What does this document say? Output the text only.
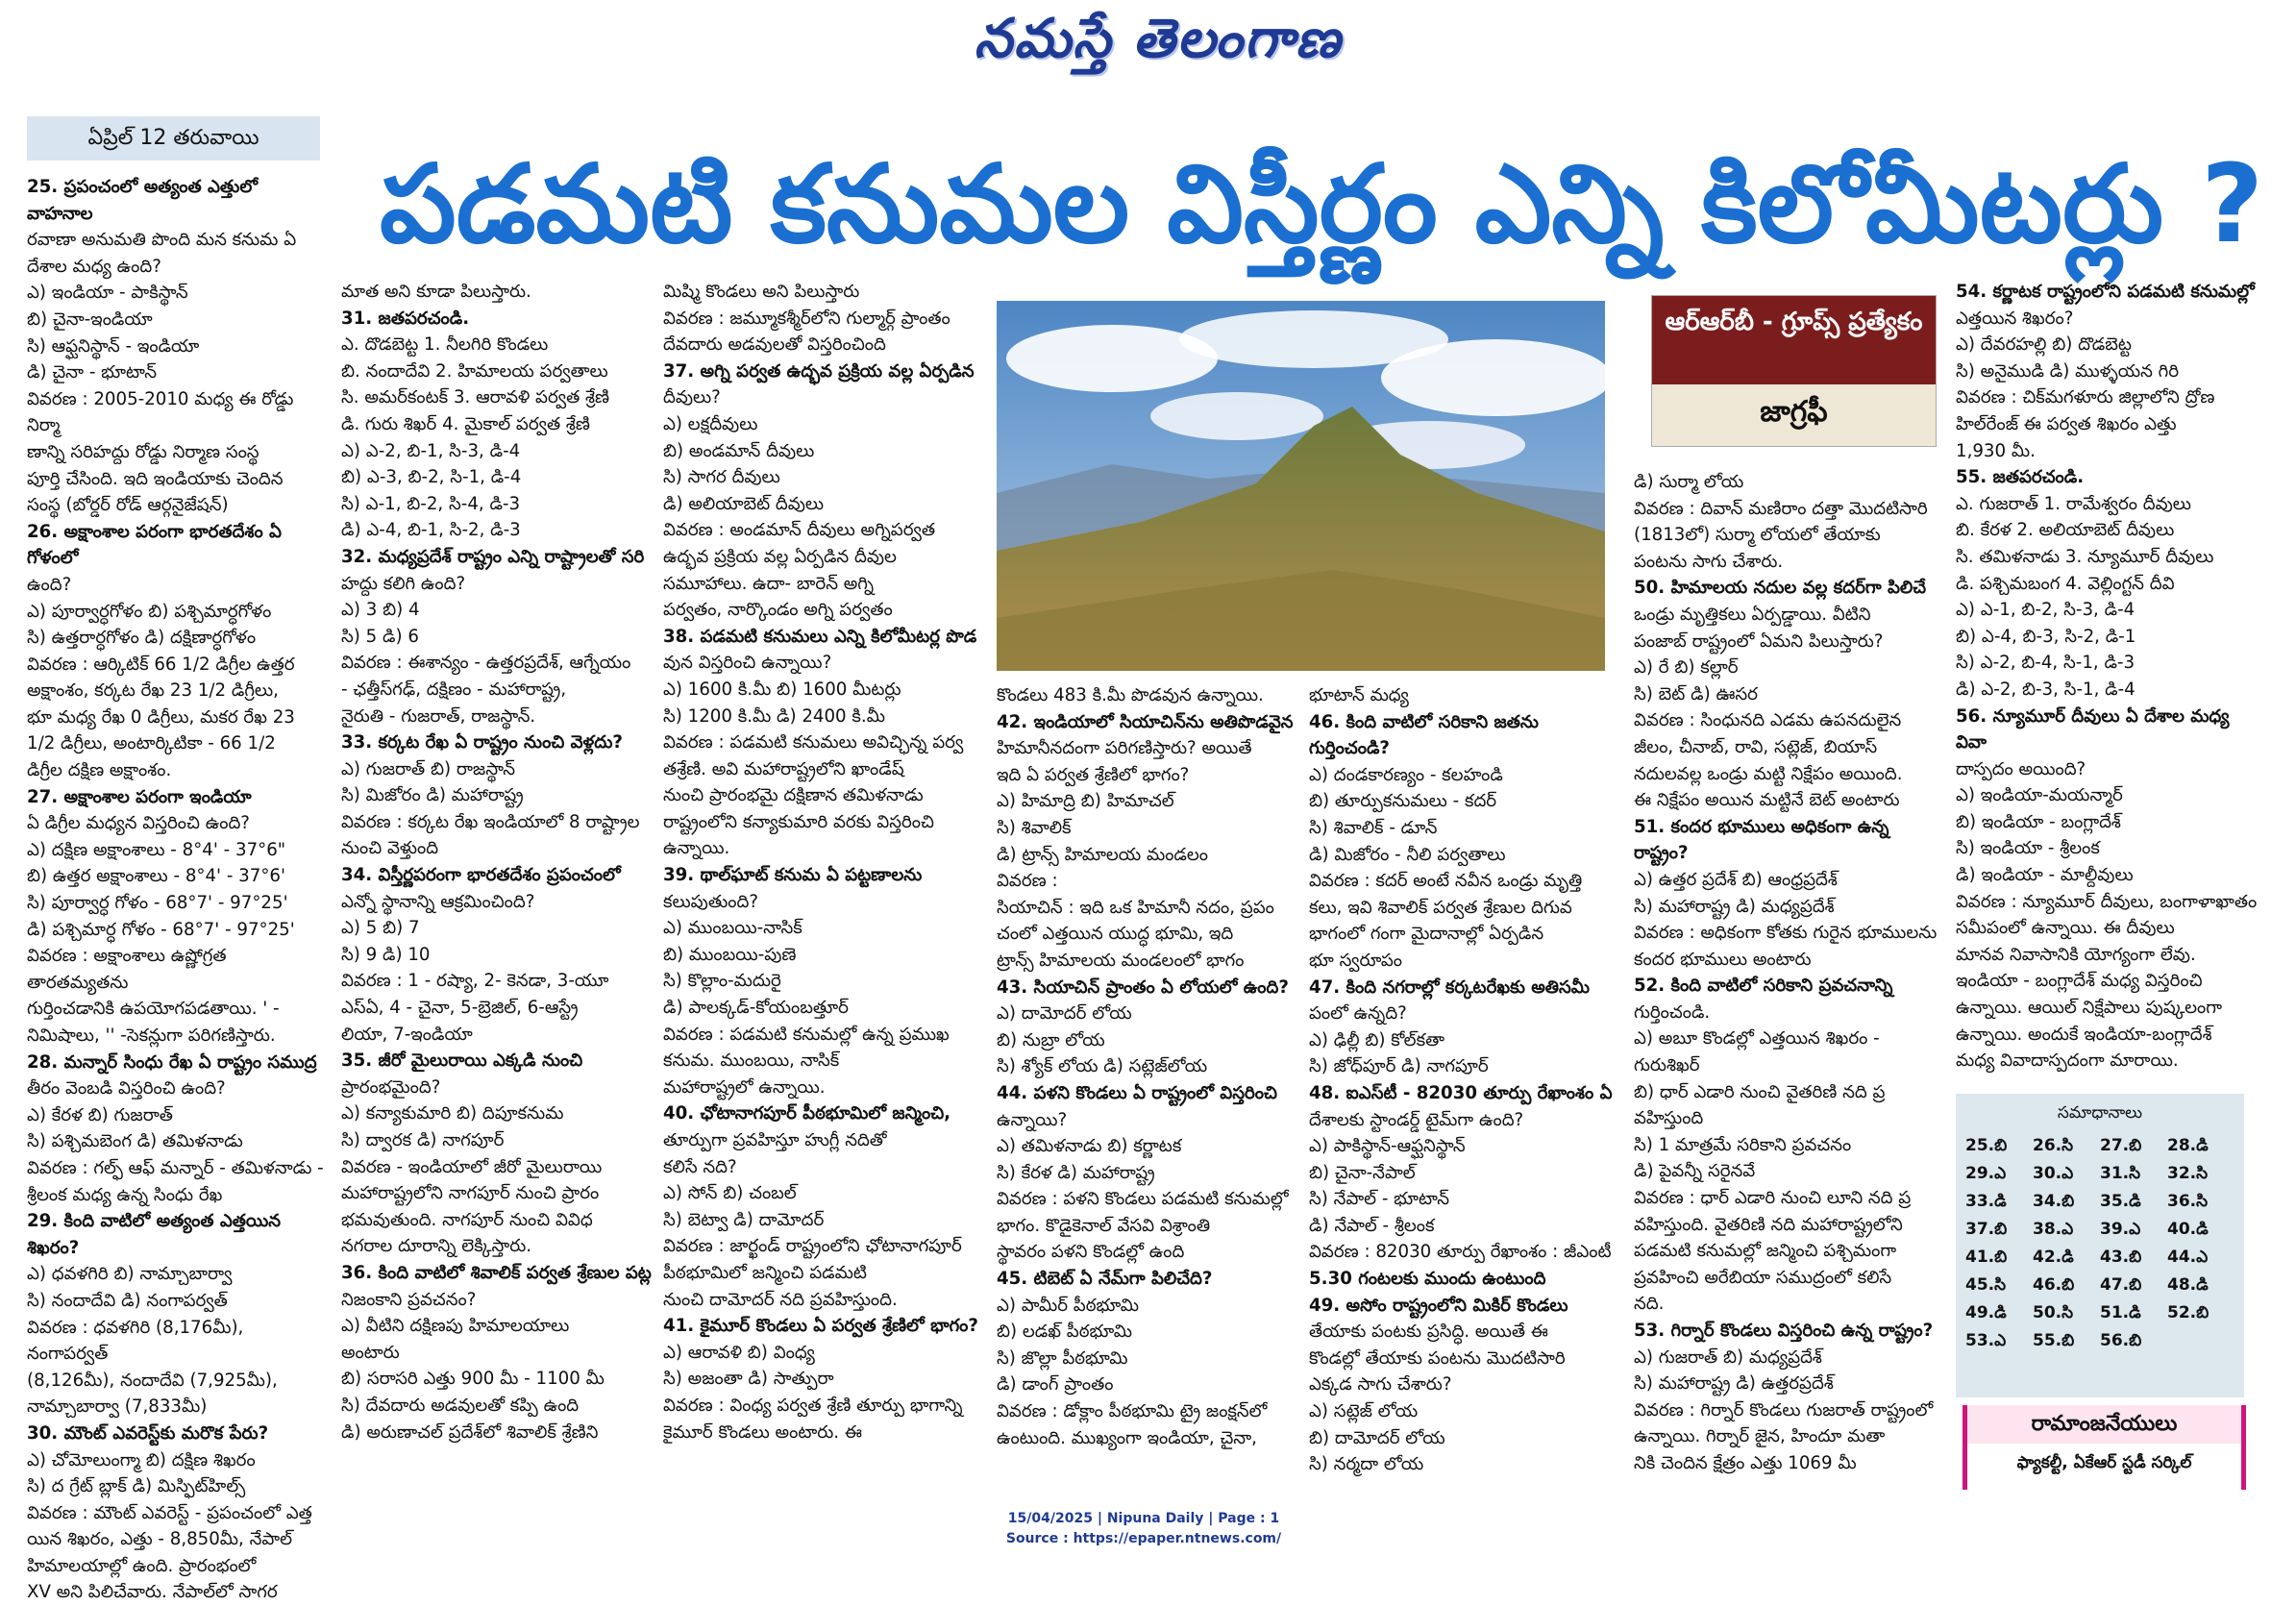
నమస్తే తెలంగాణ
ఏప్రిల్ 12 తరువాయి
పడమటి కనుమల విస్తీర్ణం ఎన్ని కిలోమీటర్లు ?

25. ప్రపంచంలో అత్యంత ఎత్తులో వాహనాల

రవాణా అనుమతి పొంది మన కనుమ ఏ

దేశాల మధ్య ఉంది?

ఎ) ఇండియా - పాకిస్థాన్

బి) చైనా-ఇండియా

సి) ఆఫ్ఘనిస్థాన్ - ఇండియా

డి) చైనా - భూటాన్

వివరణ : 2005-2010 మధ్య ఈ రోడ్డు నిర్మా

ణాన్ని సరిహద్దు రోడ్డు నిర్మాణ సంస్థ

పూర్తి చేసింది. ఇది ఇండియాకు చెందిన

సంస్థ (బోర్డర్ రోడ్ ఆర్గనైజేషన్)

26. అక్షాంశాల పరంగా భారతదేశం ఏ గోళంలో

ఉంది?

ఎ) పూర్వార్ధగోళం బి) పశ్చిమార్ధగోళం

సి) ఉత్తరార్ధగోళం డి) దక్షిణార్ధగోళం

వివరణ : ఆర్కిటిక్ 66 1/2 డిగ్రీల ఉత్తర

అక్షాంశం, కర్కట రేఖ 23 1/2 డిగ్రీలు,

భూ మధ్య రేఖ 0 డిగ్రీలు, మకర రేఖ 23

1/2 డిగ్రీలు, అంటార్కిటికా - 66 1/2

డిగ్రీల దక్షిణ అక్షాంశం.

27. అక్షాంశాల పరంగా ఇండియా

ఏ డిగ్రీల మధ్యన విస్తరించి ఉంది?

ఎ) దక్షిణ అక్షాంశాలు - 8°4' - 37°6"

బి) ఉత్తర అక్షాంశాలు - 8°4' - 37°6'

సి) పూర్వార్ధ గోళం - 68°7' - 97°25'

డి) పశ్చిమార్ధ గోళం - 68°7' - 97°25'

వివరణ : అక్షాంశాలు ఉష్ణోగ్రత తారతమ్యతను

గుర్తించడానికి ఉపయోగపడతాయి. ' -

నిమిషాలు, '' -సెకన్లుగా పరిగణిస్తారు.

28. మన్నార్ సింధు రేఖ ఏ రాష్ట్రం సముద్ర

తీరం వెంబడి విస్తరించి ఉంది?

ఎ) కేరళ బి) గుజరాత్

సి) పశ్చిమబెంగ డి) తమిళనాడు

వివరణ : గల్ఫ్ ఆఫ్ మన్నార్ - తమిళనాడు -

శ్రీలంక మధ్య ఉన్న సింధు రేఖ

29. కింది వాటిలో అత్యంత ఎత్తయిన శిఖరం?

ఎ) ధవళగిరి బి) నామ్చాబార్వా

సి) నందాదేవి డి) నంగాపర్వత్

వివరణ : ధవళగిరి (8,176మీ), నంగాపర్వత్

(8,126మీ), నందాదేవి (7,925మీ),

నామ్చాబార్వా (7,833మీ)

30. మౌంట్ ఎవరెస్ట్‌కు మరొక పేరు?

ఎ) చోమోలుంగ్మా బి) దక్షిణ శిఖరం

సి) ద గ్రేట్ బ్లాక్ డి) మిస్ఫిట్‌హిల్స్

వివరణ : మౌంట్ ఎవరెస్ట్ - ప్రపంచంలో ఎత్త

యిన శిఖరం, ఎత్తు - 8,850మీ, నేపాల్

హిమాలయాల్లో ఉంది. ప్రారంభంలో

XV అని పిలిచేవారు. నేపాల్‌లో సాగర

మాత అని కూడా పిలుస్తారు.

31. జతపరచండి.

ఎ. దొడబెట్ట 1. నీలగిరి కొండలు

బి. నందాదేవి 2. హిమాలయ పర్వతాలు

సి. అమర్‌కంటక్ 3. ఆరావళి పర్వత శ్రేణి

డి. గురు శిఖర్ 4. మైకాల్ పర్వత శ్రేణి

ఎ) ఎ-2, బి-1, సి-3, డి-4

బి) ఎ-3, బి-2, సి-1, డి-4

సి) ఎ-1, బి-2, సి-4, డి-3

డి) ఎ-4, బి-1, సి-2, డి-3

32. మధ్యప్రదేశ్ రాష్ట్రం ఎన్ని రాష్ట్రాలతో సరి

హద్దు కలిగి ఉంది?

ఎ) 3 బి) 4

సి) 5 డి) 6

వివరణ : ఈశాన్యం - ఉత్తరప్రదేశ్, ఆగ్నేయం

- ఛత్తీస్‌గఢ్, దక్షిణం - మహారాష్ట్ర,

నైరుతి - గుజరాత్, రాజస్థాన్.

33. కర్కట రేఖ ఏ రాష్ట్రం నుంచి వెళ్లదు?

ఎ) గుజరాత్ బి) రాజస్థాన్

సి) మిజోరం డి) మహారాష్ట్ర

వివరణ : కర్కట రేఖ ఇండియాలో 8 రాష్ట్రాల

నుంచి వెళ్తుంది

34. విస్తీర్ణపరంగా భారతదేశం ప్రపంచంలో

ఎన్నో స్థానాన్ని ఆక్రమించింది?

ఎ) 5 బి) 7

సి) 9 డి) 10

వివరణ : 1 - రష్యా, 2- కెనడా, 3-యూ

ఎస్ఏ, 4 - చైనా, 5-బ్రెజిల్, 6-ఆస్ట్రే

లియా, 7-ఇండియా

35. జీరో మైలురాయి ఎక్కడి నుంచి

ప్రారంభమైంది?

ఎ) కన్యాకుమారి బి) దిపూకనుమ

సి) ద్వారక డి) నాగపూర్

వివరణ - ఇండియాలో జీరో మైలురాయి

మహారాష్ట్రలోని నాగపూర్ నుంచి ప్రారం

భమవుతుంది. నాగపూర్ నుంచి వివిధ

నగరాల దూరాన్ని లెక్కిస్తారు.

36. కింది వాటిలో శివాలిక్ పర్వత శ్రేణుల పట్ల

నిజంకాని ప్రవచనం?

ఎ) వీటిని దక్షిణపు హిమాలయాలు

అంటారు

బి) సరాసరి ఎత్తు 900 మీ - 1100 మీ

సి) దేవదారు అడవులతో కప్పి ఉంది

డి) అరుణాచల్ ప్రదేశ్‌లో శివాలిక్ శ్రేణిని

మిష్మి కొండలు అని పిలుస్తారు

వివరణ : జమ్మూకశ్మీర్‌లోని గుల్మార్గ్ ప్రాంతం

దేవదారు అడవులతో విస్తరించింది

37. అగ్ని పర్వత ఉద్భవ ప్రక్రియ వల్ల ఏర్పడిన

దీవులు?

ఎ) లక్షదీవులు

బి) అండమాన్ దీవులు

సి) సాగర దీవులు

డి) అలియాబెట్ దీవులు

వివరణ : అండమాన్ దీవులు అగ్నిపర్వత

ఉద్భవ ప్రక్రియ వల్ల ఏర్పడిన దీవుల

సమూహాలు. ఉదా- బారెన్ అగ్ని

పర్వతం, నార్కొండం అగ్ని పర్వతం

38. పడమటి కనుమలు ఎన్ని కిలోమీటర్ల పొడ

వున విస్తరించి ఉన్నాయి?

ఎ) 1600 కి.మీ బి) 1600 మీటర్లు

సి) 1200 కి.మీ డి) 2400 కి.మీ

వివరణ : పడమటి కనుమలు అవిచ్ఛిన్న పర్వ

తశ్రేణి. అవి మహారాష్ట్రలోని ఖాండేష్

నుంచి ప్రారంభమై దక్షిణాన తమిళనాడు

రాష్ట్రంలోని కన్యాకుమారి వరకు విస్తరించి

ఉన్నాయి.

39. థాల్‌ఘాట్ కనుమ ఏ పట్టణాలను

కలుపుతుంది?

ఎ) ముంబయి-నాసిక్

బి) ముంబయి-పుణె

సి) కొల్లాం-మదురై

డి) పాలక్కడ్-కోయంబత్తూర్

వివరణ : పడమటి కనుమల్లో ఉన్న ప్రముఖ

కనుమ. ముంబయి, నాసిక్

మహారాష్ట్రలో ఉన్నాయి.

40. ఛోటానాగపూర్ పీఠభూమిలో జన్మించి,

తూర్పుగా ప్రవహిస్తూ హుగ్లీ నదితో

కలిసే నది?

ఎ) సోన్ బి) చంబల్

సి) బెట్వా డి) దామోదర్

వివరణ : జార్ఖండ్ రాష్ట్రంలోని ఛోటానాగపూర్

పీఠభూమిలో జన్మించి పడమటి

నుంచి దామోదర్ నది ప్రవహిస్తుంది.

41. కైమూర్ కొండలు ఏ పర్వత శ్రేణిలో భాగం?

ఎ) ఆరావళి బి) వింధ్య

సి) అజంతా డి) సాత్పురా

వివరణ : వింధ్య పర్వత శ్రేణి తూర్పు భాగాన్ని

కైమూర్ కొండలు అంటారు. ఈ

కొండలు 483 కి.మీ పొడవున ఉన్నాయి.

42. ఇండియాలో సియాచిన్‌ను అతిపొడవైన

హిమానీనదంగా పరిగణిస్తారు? అయితే

ఇది ఏ పర్వత శ్రేణిలో భాగం?

ఎ) హిమాద్రి బి) హిమాచల్

సి) శివాలిక్

డి) ట్రాన్స్ హిమాలయ మండలం

వివరణ :

సియాచిన్ : ఇది ఒక హిమానీ నదం, ప్రపం

చంలో ఎత్తయిన యుద్ధ భూమి, ఇది

ట్రాన్స్ హిమాలయ మండలంలో భాగం

43. సియాచిన్ ప్రాంతం ఏ లోయలో ఉంది?

ఎ) దామోదర్ లోయ

బి) నుబ్రా లోయ

సి) శ్యోక్ లోయ డి) సట్లెజ్‌లోయ

44. పళని కొండలు ఏ రాష్ట్రంలో విస్తరించి

ఉన్నాయి?

ఎ) తమిళనాడు బి) కర్ణాటక

సి) కేరళ డి) మహారాష్ట్ర

వివరణ : పళని కొండలు పడమటి కనుమల్లో

భాగం. కొడైకెనాల్ వేసవి విశ్రాంతి

స్థావరం పళని కొండల్లో ఉంది

45. టిబెట్ ఏ నేమ్‌గా పిలిచేది?

ఎ) పామీర్ పీఠభూమి

బి) లడఖ్ పీఠభూమి

సి) జొల్లా పీఠభూమి

డి) డాంగ్ ప్రాంతం

వివరణ : డోక్లాం పీఠభూమి ట్రై జంక్షన్‌లో

ఉంటుంది. ముఖ్యంగా ఇండియా, చైనా,

భూటాన్ మధ్య

46. కింది వాటిలో సరికాని జతను గుర్తించండి?

ఎ) దండకారణ్యం - కలహండి

బి) తూర్పుకనుమలు - కదర్

సి) శివాలిక్ - డూన్

డి) మిజోరం - నీలి పర్వతాలు

వివరణ : కదర్ అంటే నవీన ఒండ్రు మృత్తి

కలు, ఇవి శివాలిక్ పర్వత శ్రేణుల దిగువ

భాగంలో గంగా మైదానాల్లో ఏర్పడిన

భూ స్వరూపం

47. కింది నగరాల్లో కర్కటరేఖకు అతిసమీ

పంలో ఉన్నది?

ఎ) ఢిల్లీ బి) కోల్‌కతా

సి) జోధ్‌పూర్ డి) నాగపూర్

48. ఐఎస్‌టీ - 82030 తూర్పు రేఖాంశం ఏ

దేశాలకు స్టాండర్డ్ టైమ్‌గా ఉంది?

ఎ) పాకిస్థాన్-ఆఫ్ఘనిస్థాన్

బి) చైనా-నేపాల్

సి) నేపాల్ - భూటాన్

డి) నేపాల్ - శ్రీలంక

వివరణ : 82030 తూర్పు రేఖాంశం : జీఎంటీ

5.30 గంటలకు ముందు ఉంటుంది

49. అసోం రాష్ట్రంలోని మికిర్ కొండలు

తేయాకు పంటకు ప్రసిద్ధి. అయితే ఈ

కొండల్లో తేయాకు పంటను మొదటిసారి

ఎక్కడ సాగు చేశారు?

ఎ) సట్లెజ్ లోయ

బి) దామోదర్ లోయ

సి) నర్మదా లోయ

డి) సుర్మా లోయ

వివరణ : దివాన్ మణిరాం దత్తా మొదటిసారి

(1813లో) సుర్మా లోయలో తేయాకు

పంటను సాగు చేశారు.

50. హిమాలయ నదుల వల్ల కదర్‌గా పిలిచే

ఒండ్రు మృత్తికలు ఏర్పడ్డాయి. వీటిని

పంజాబ్ రాష్ట్రంలో ఏమని పిలుస్తారు?

ఎ) రే బి) కల్లార్

సి) బెట్ డి) ఊసర

వివరణ : సింధునది ఎడమ ఉపనదులైన

జీలం, చీనాబ్, రావి, సట్లెజ్, బియాస్

నదులవల్ల ఒండ్రు మట్టి నిక్షేపం అయింది.

ఈ నిక్షేపం అయిన మట్టినే బెట్ అంటారు

51. కందర భూములు అధికంగా ఉన్న రాష్ట్రం?

ఎ) ఉత్తర ప్రదేశ్ బి) ఆంధ్రప్రదేశ్

సి) మహారాష్ట్ర డి) మధ్యప్రదేశ్

వివరణ : అధికంగా కోతకు గురైన భూములను

కందర భూములు అంటారు

52. కింది వాటిలో సరికాని ప్రవచనాన్ని

గుర్తించండి.

ఎ) అబూ కొండల్లో ఎత్తయిన శిఖరం -

గురుశిఖర్

బి) ధార్ ఎడారి నుంచి వైతరిణి నది ప్ర

వహిస్తుంది

సి) 1 మాత్రమే సరికాని ప్రవచనం

డి) పైవన్నీ సరైనవే

వివరణ : ధార్ ఎడారి నుంచి లూని నది ప్ర

వహిస్తుంది. వైతరిణి నది మహారాష్ట్రలోని

పడమటి కనుమల్లో జన్మించి పశ్చిమంగా

ప్రవహించి అరేబియా సముద్రంలో కలిసే

నది.

53. గిర్నార్ కొండలు విస్తరించి ఉన్న రాష్ట్రం?

ఎ) గుజరాత్ బి) మధ్యప్రదేశ్

సి) మహారాష్ట్ర డి) ఉత్తరప్రదేశ్

వివరణ : గిర్నార్ కొండలు గుజరాత్ రాష్ట్రంలో

ఉన్నాయి. గిర్నార్ జైన, హిందూ మతా

నికి చెందిన క్షేత్రం ఎత్తు 1069 మీ

54. కర్ణాటక రాష్ట్రంలోని పడమటి కనుమల్లో

ఎత్తయిన శిఖరం?

ఎ) దేవరహల్లి బి) దొడబెట్ట

సి) అనైముడి డి) ముళ్ళయన గిరి

వివరణ : చిక్‌మగళూరు జిల్లాలోని ద్రోణ

హిల్‌రేంజ్ ఈ పర్వత శిఖరం ఎత్తు

1,930 మీ.

55. జతపరచండి.

ఎ. గుజరాత్ 1. రామేశ్వరం దీవులు

బి. కేరళ 2. అలియాబెట్ దీవులు

సి. తమిళనాడు 3. న్యూమూర్ దీవులు

డి. పశ్చిమబంగ 4. వెల్లింగ్టన్ దీవి

ఎ) ఎ-1, బి-2, సి-3, డి-4

బి) ఎ-4, బి-3, సి-2, డి-1

సి) ఎ-2, బి-4, సి-1, డి-3

డి) ఎ-2, బి-3, సి-1, డి-4

56. న్యూమూర్ దీవులు ఏ దేశాల మధ్య వివా

దాస్పదం అయింది?

ఎ) ఇండియా-మయన్మార్

బి) ఇండియా - బంగ్లాదేశ్

సి) ఇండియా - శ్రీలంక

డి) ఇండియా - మాల్దీవులు

వివరణ : న్యూమూర్ దీవులు, బంగాళాఖాతం

సమీపంలో ఉన్నాయి. ఈ దీవులు

మానవ నివాసానికి యోగ్యంగా లేవు.

ఇండియా - బంగ్లాదేశ్ మధ్య విస్తరించి

ఉన్నాయి. ఆయిల్ నిక్షేపాలు పుష్కలంగా

ఉన్నాయి. అందుకే ఇండియా-బంగ్లాదేశ్

మధ్య వివాదాస్పదంగా మారాయి.

ఆర్ఆర్‌బీ - గ్రూప్స్ ప్రత్యేకం
జాగ్రఫీ
సమాధానాలు
25.బి	26.సి	27.బి	28.డి
29.ఎ	30.ఎ	31.సి	32.సి
33.డి	34.బి	35.డి	36.సి
37.బి	38.ఎ	39.ఎ	40.డి
41.బి	42.డి	43.బి	44.ఎ
45.సి	46.బి	47.బి	48.డి
49.డి	50.సి	51.డి	52.బి
53.ఎ	55.బి	56.బి
రామాంజనేయులు
ఫ్యాకల్టీ, ఏకేఆర్ స్టడీ సర్కిల్
15/04/2025 | Nipuna Daily | Page : 1
Source : https://epaper.ntnews.com/
